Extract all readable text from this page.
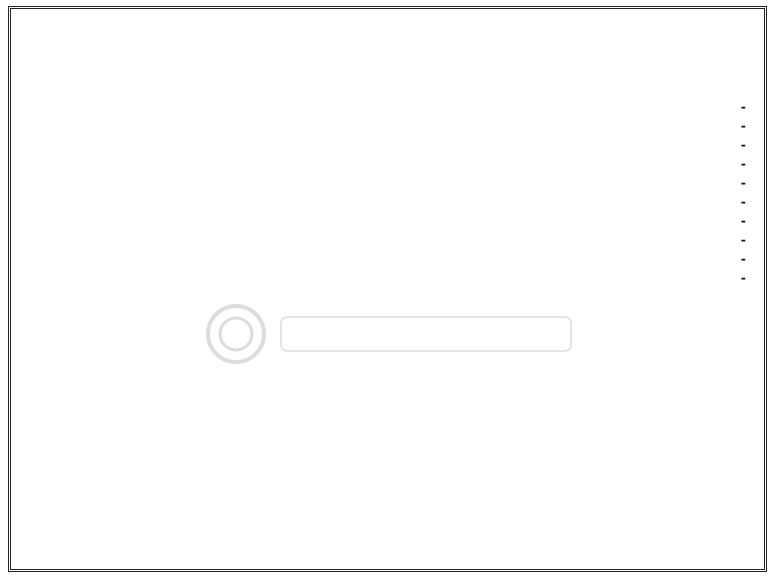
-
-
-
-
-
-
-
-
-
-
